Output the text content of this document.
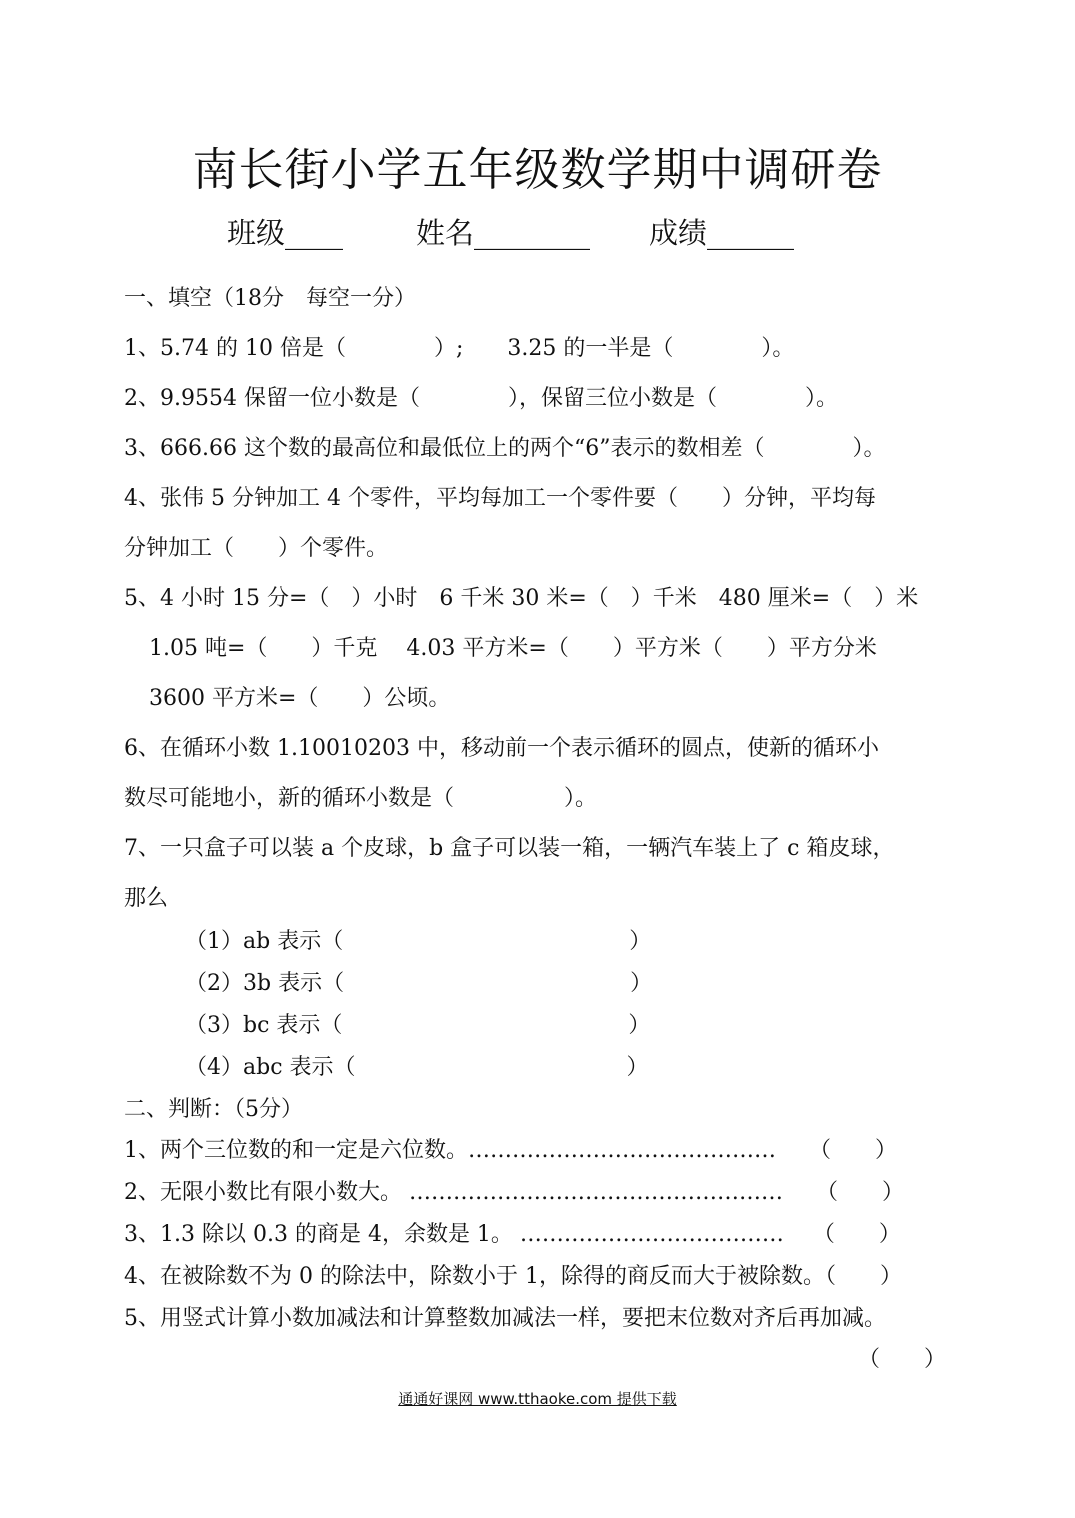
南长街小学五年级数学期中调研卷
班级____	姓名________ 成绩______
一、填空（18分　每空一分）
1、5.74 的 10 倍是（　　　　）;　　3.25 的一半是（　　　　）。
2、9.9554 保留一位小数是（　　　　），保留三位小数是（　　　　）。
3、666.66 这个数的最高位和最低位上的两个“6”表示的数相差（　　　　）。
4、张伟 5 分钟加工 4 个零件，平均每加工一个零件要（　　）分钟，平均每
分钟加工（　　）个零件。
5、4 小时 15 分=（　）小时　6 千米 30 米=（　）千米　480 厘米=（　）米
1.05 吨=（　　）千克　 4.03 平方米=（　　）平方米（　　）平方分米
3600 平方米=（　　）公顷。
6、在循环小数 1.10010203 中，移动前一个表示循环的圆点，使新的循环小
数尽可能地小，新的循环小数是（　　　　　）。
7、一只盒子可以装 a 个皮球，b 盒子可以装一箱，一辆汽车装上了 c 箱皮球，
那么
（1）ab 表示（　　　　　　　　　　　　　）
（2）3b 表示（　　　　　　　　　　　　　）
（3）bc 表示（　　　　　　　　　　　　　）
（4）abc 表示（　　　　　　　　　　　　 ）
二、判断：（5分）
1、两个三位数的和一定是六位数。……………………………………　　（　　）
2、无限小数比有限小数大。 ……………………………………………　　（　　）
3、1.3 除以 0.3 的商是 4，余数是 1。 ………………………………　 （　　）
4、在被除数不为 0 的除法中，除数小于 1，除得的商反而大于被除数。（　　）
5、用竖式计算小数加减法和计算整数加减法一样，要把末位数对齐后再加减。
（　　）
通通好课网 www.tthaoke.com 提供下载
